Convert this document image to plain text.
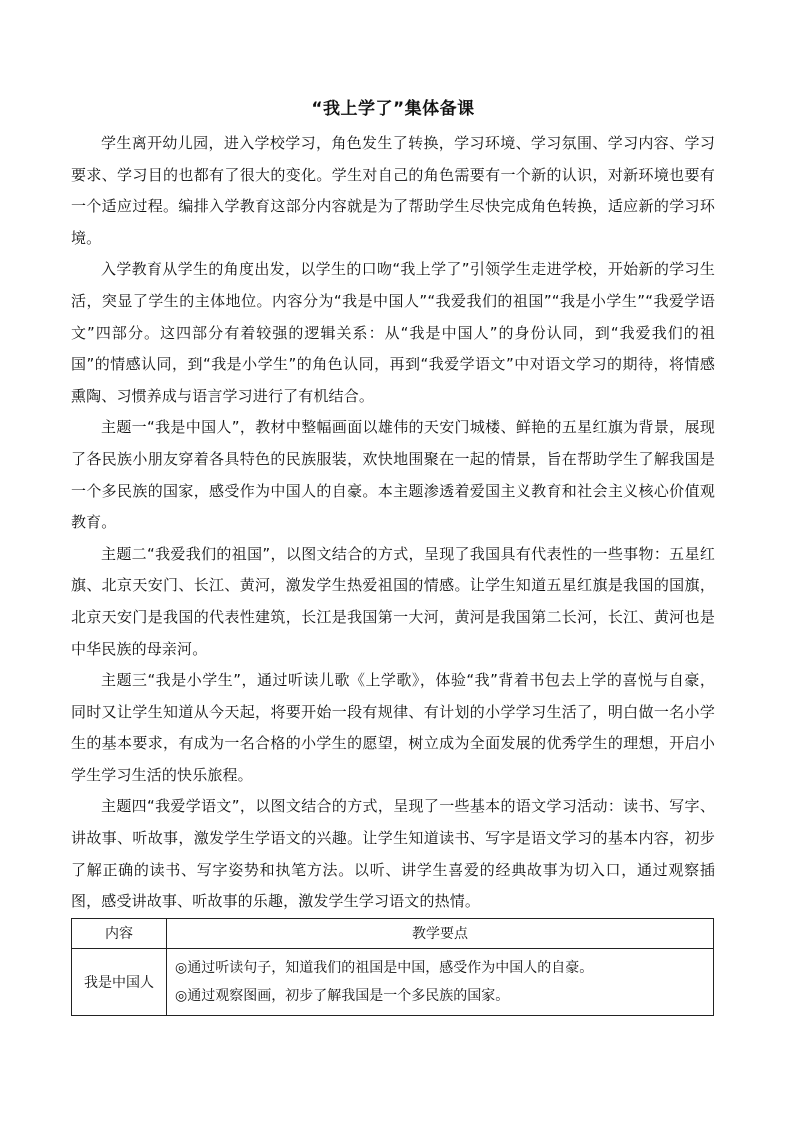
“我上学了”集体备课

学生离开幼儿园，进入学校学习，角色发生了转换，学习环境、学习氛围、学习内容、学习要求、学习目的也都有了很大的变化。学生对自己的角色需要有一个新的认识，对新环境也要有一个适应过程。编排入学教育这部分内容就是为了帮助学生尽快完成角色转换，适应新的学习环境。

入学教育从学生的角度出发，以学生的口吻“我上学了”引领学生走进学校，开始新的学习生活，突显了学生的主体地位。内容分为“我是中国人”“我爱我们的祖国”“我是小学生”“我爱学语文”四部分。这四部分有着较强的逻辑关系：从“我是中国人”的身份认同，到“我爱我们的祖国”的情感认同，到“我是小学生”的角色认同，再到“我爱学语文”中对语文学习的期待，将情感熏陶、习惯养成与语言学习进行了有机结合。

主题一“我是中国人”，教材中整幅画面以雄伟的天安门城楼、鲜艳的五星红旗为背景，展现了各民族小朋友穿着各具特色的民族服装，欢快地围聚在一起的情景，旨在帮助学生了解我国是一个多民族的国家，感受作为中国人的自豪。本主题渗透着爱国主义教育和社会主义核心价值观教育。

主题二“我爱我们的祖国”，以图文结合的方式，呈现了我国具有代表性的一些事物：五星红旗、北京天安门、长江、黄河，激发学生热爱祖国的情感。让学生知道五星红旗是我国的国旗，北京天安门是我国的代表性建筑，长江是我国第一大河，黄河是我国第二长河，长江、黄河也是中华民族的母亲河。

主题三“我是小学生”，通过听读儿歌《上学歌》，体验“我”背着书包去上学的喜悦与自豪，同时又让学生知道从今天起，将要开始一段有规律、有计划的小学学习生活了，明白做一名小学生的基本要求，有成为一名合格的小学生的愿望，树立成为全面发展的优秀学生的理想，开启小学生学习生活的快乐旅程。

主题四“我爱学语文”，以图文结合的方式，呈现了一些基本的语文学习活动：读书、写字、讲故事、听故事，激发学生学语文的兴趣。让学生知道读书、写字是语文学习的基本内容，初步了解正确的读书、写字姿势和执笔方法。以听、讲学生喜爱的经典故事为切入口，通过观察插图，感受讲故事、听故事的乐趣，激发学生学习语文的热情。

内容	教学要点
我是中国人	◎通过听读句子，知道我们的祖国是中国，感受作为中国人的自豪。
◎通过观察图画，初步了解我国是一个多民族的国家。
